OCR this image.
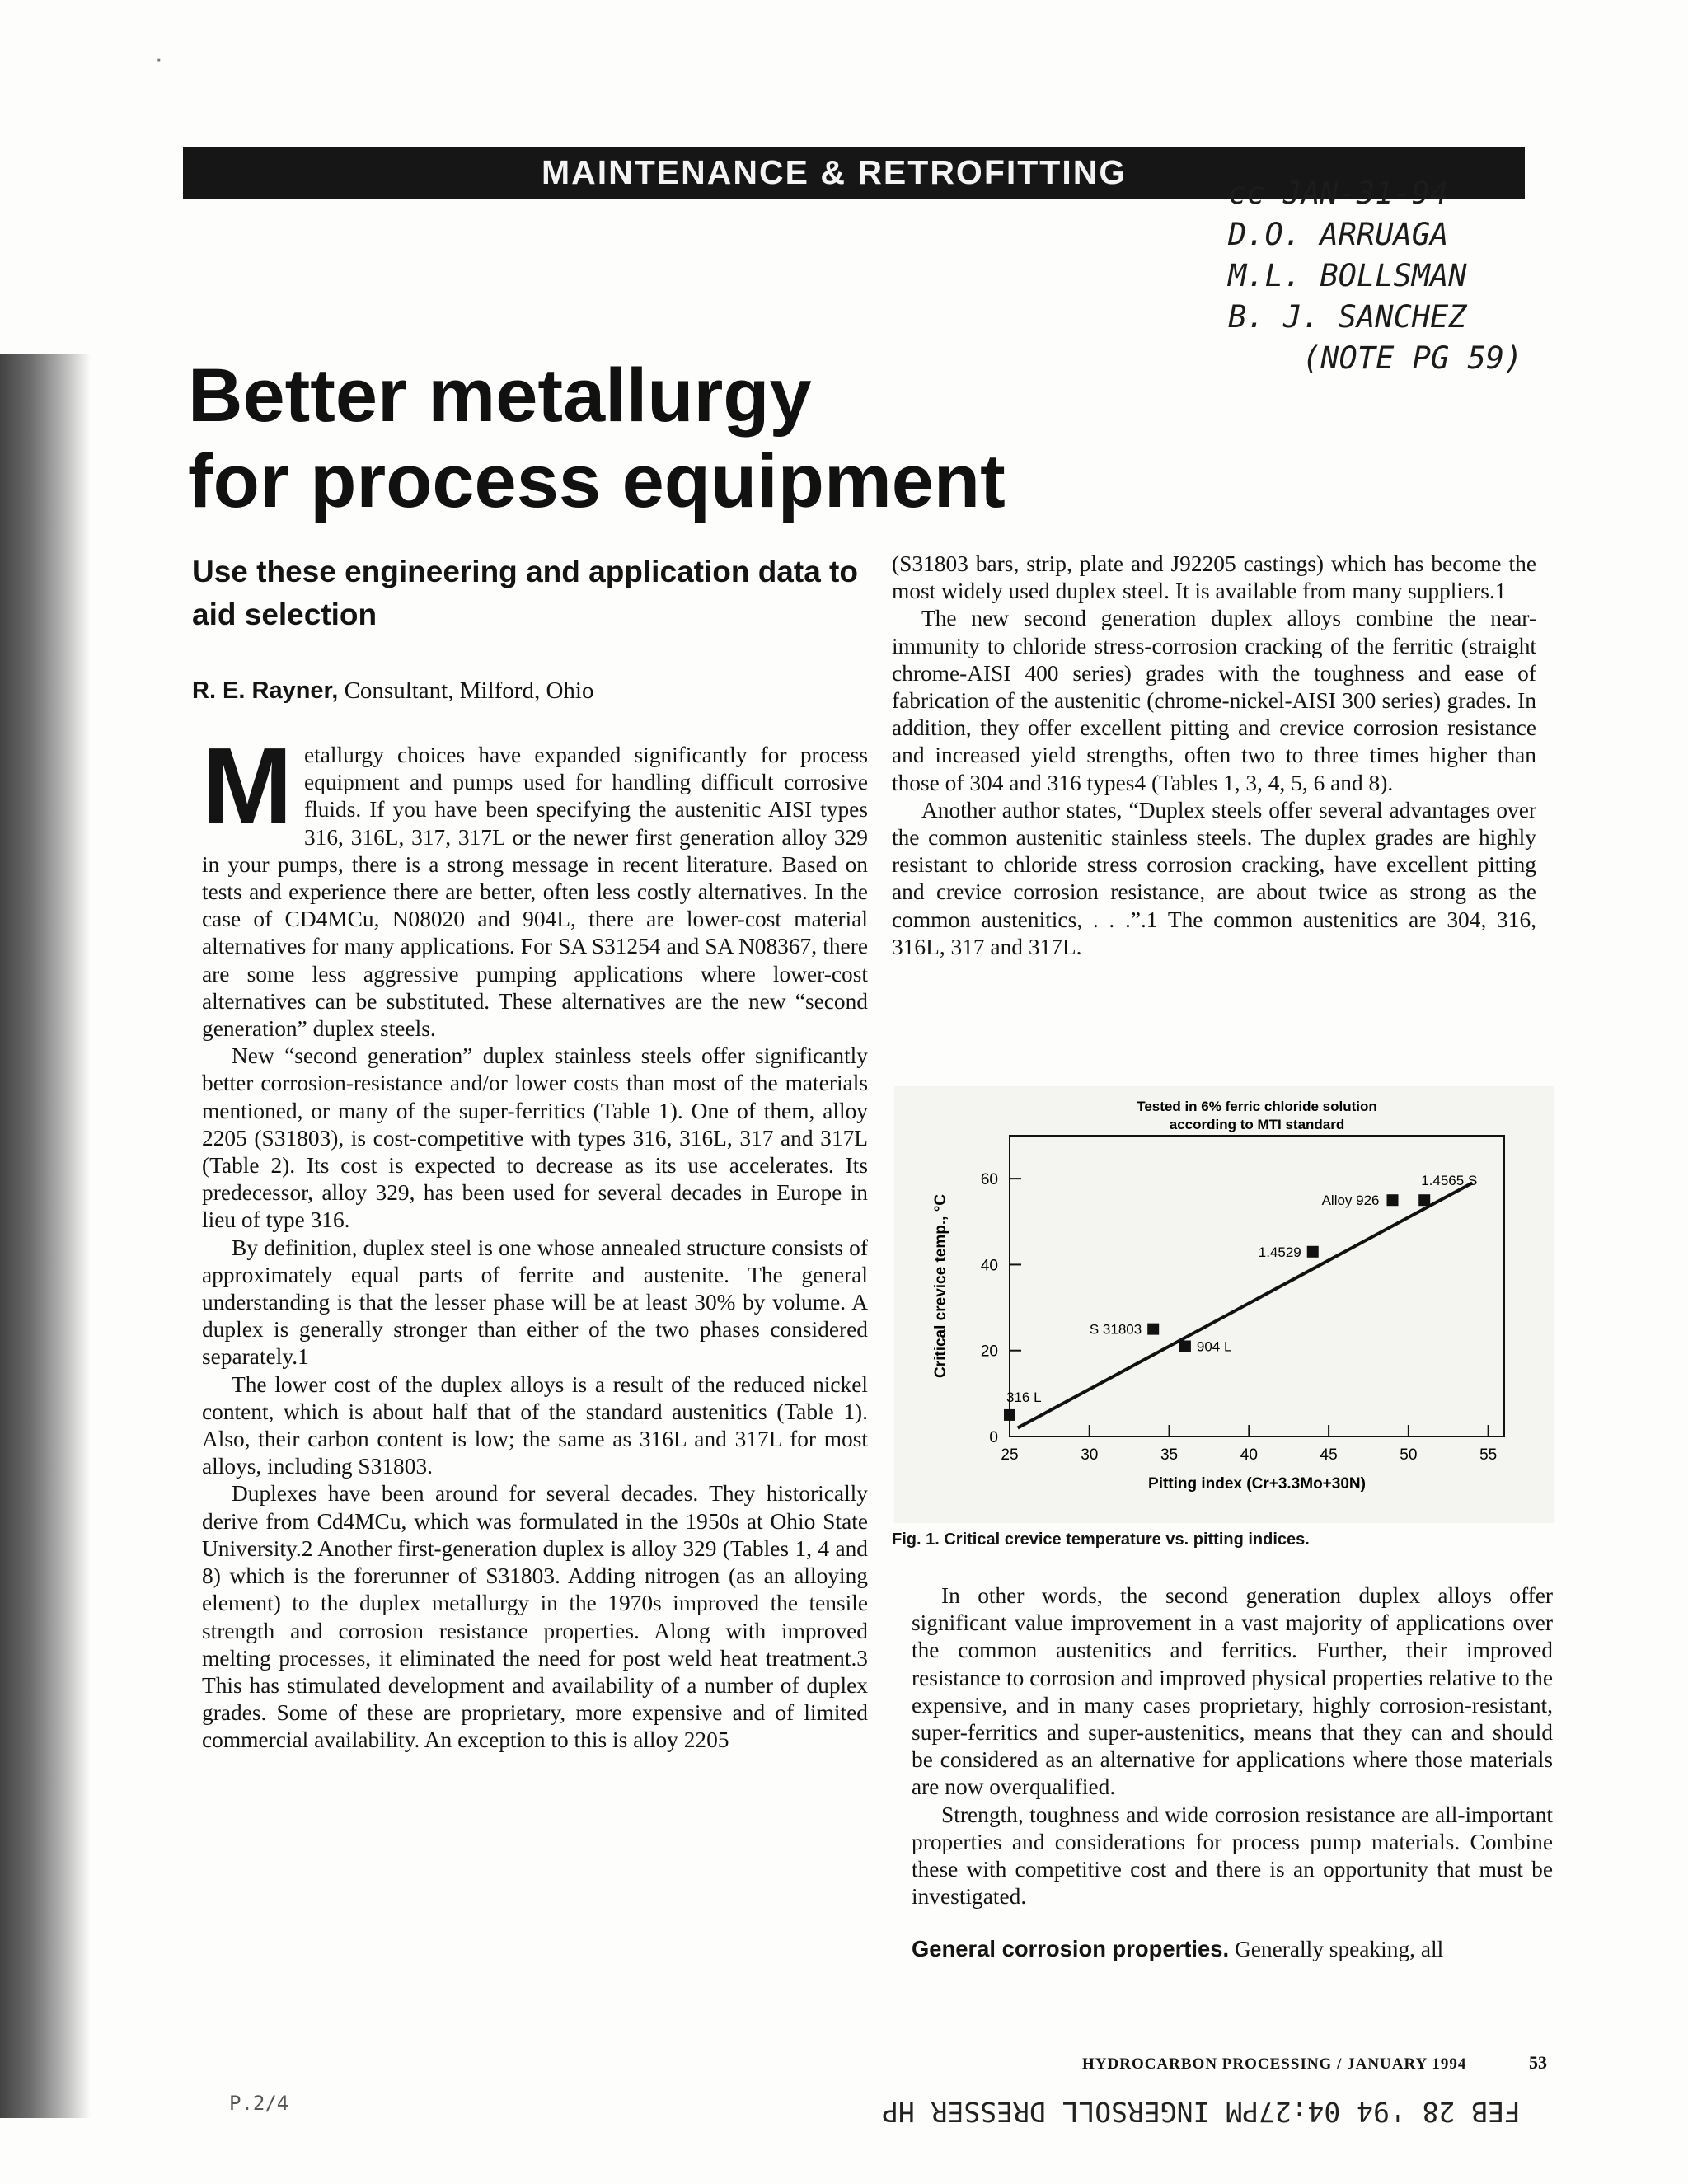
·
MAINTENANCE & RETROFITTING
cc JAN-31-94
D.O. ARRUAGA
M.L. BOLLSMAN
B. J. SANCHEZ
(NOTE PG 59)
Better metallurgy
for process equipment
Use these engineering and application data to aid selection
R. E. Rayner, Consultant, Milford, Ohio

Metallurgy choices have expanded significantly for process equipment and pumps used for handling difficult corrosive fluids. If you have been specifying the austenitic AISI types 316, 316L, 317, 317L or the newer first generation alloy 329 in your pumps, there is a strong message in recent literature. Based on tests and experience there are better, often less costly alternatives. In the case of CD4MCu, N08020 and 904L, there are lower-cost material alternatives for many applications. For SA S31254 and SA N08367, there are some less aggressive pumping applications where lower-cost alternatives can be substituted. These alternatives are the new “second generation” duplex steels.

New “second generation” duplex stainless steels offer significantly better corrosion-resistance and/or lower costs than most of the materials mentioned, or many of the super-ferritics (Table 1). One of them, alloy 2205 (S31803), is cost-competitive with types 316, 316L, 317 and 317L (Table 2). Its cost is expected to decrease as its use accelerates. Its predecessor, alloy 329, has been used for several decades in Europe in lieu of type 316.

By definition, duplex steel is one whose annealed structure consists of approximately equal parts of ferrite and austenite. The general understanding is that the lesser phase will be at least 30% by volume. A duplex is generally stronger than either of the two phases considered separately.1

The lower cost of the duplex alloys is a result of the reduced nickel content, which is about half that of the standard austenitics (Table 1). Also, their carbon content is low; the same as 316L and 317L for most alloys, including S31803.

Duplexes have been around for several decades. They historically derive from Cd4MCu, which was formulated in the 1950s at Ohio State University.2 Another first-generation duplex is alloy 329 (Tables 1, 4 and 8) which is the forerunner of S31803. Adding nitrogen (as an alloying element) to the duplex metallurgy in the 1970s improved the tensile strength and corrosion resistance properties. Along with improved melting processes, it eliminated the need for post weld heat treatment.3 This has stimulated development and availability of a number of duplex grades. Some of these are proprietary, more expensive and of limited commercial availability. An exception to this is alloy 2205

(S31803 bars, strip, plate and J92205 castings) which has become the most widely used duplex steel. It is available from many suppliers.1

The new second generation duplex alloys combine the near-immunity to chloride stress-corrosion cracking of the ferritic (straight chrome-AISI 400 series) grades with the toughness and ease of fabrication of the austenitic (chrome-nickel-AISI 300 series) grades. In addition, they offer excellent pitting and crevice corrosion resistance and increased yield strengths, often two to three times higher than those of 304 and 316 types4 (Tables 1, 3, 4, 5, 6 and 8).

Another author states, “Duplex steels offer several advantages over the common austenitic stainless steels. The duplex grades are highly resistant to chloride stress corrosion cracking, have excellent pitting and crevice corrosion resistance, are about twice as strong as the common austenitics, . . .”.1 The common austenitics are 304, 316, 316L, 317 and 317L.

0
20
40
60
25	30	35	40	45	50	55
316 L
S 31803
904 L
1.4529
Alloy 926
1.4565 S
Tested in 6% ferric chloride solution
according to MTI standard
Pitting index (Cr+3.3Mo+30N)
Critical crevice temp., °C
Fig. 1. Critical crevice temperature vs. pitting indices.

In other words, the second generation duplex alloys offer significant value improvement in a vast majority of applications over the common austenitics and ferritics. Further, their improved resistance to corrosion and improved physical properties relative to the expensive, and in many cases proprietary, highly corrosion-resistant, super-ferritics and super-austenitics, means that they can and should be considered as an alternative for applications where those materials are now overqualified.

Strength, toughness and wide corrosion resistance are all-important properties and considerations for process pump materials. Combine these with competitive cost and there is an opportunity that must be investigated.

General corrosion properties. Generally speaking, all

HYDROCARBON PROCESSING / JANUARY 1994	53
FEB 28 '94 04:27PM INGERSOLL DRESSER HP
P.2/4
